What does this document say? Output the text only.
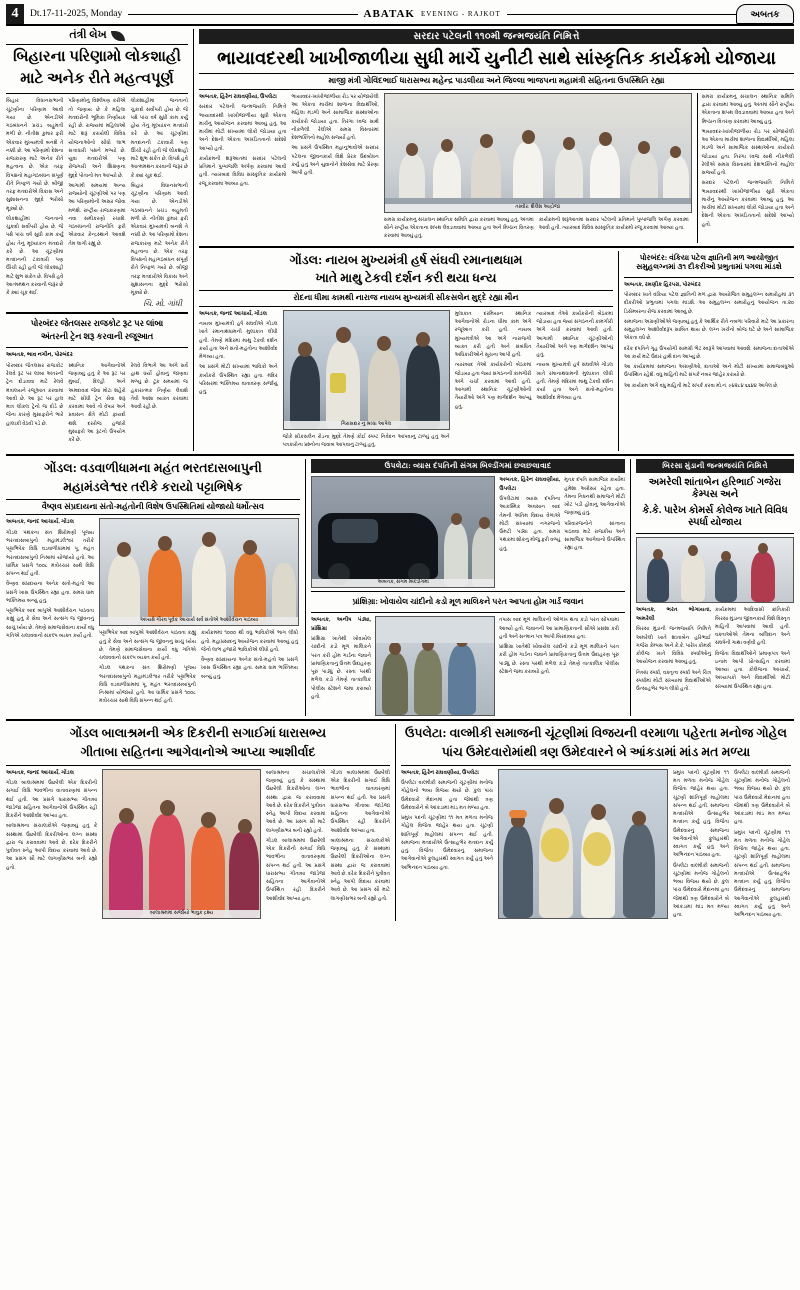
4	Dt.17-11-2025, Monday	ABATAK EVENING - RAJKOT	અબતક
તંત્રી લેખ
બિહારના પરિણામો લોકશાહી
માટે અનેક રીતે મહત્વપૂર્ણ

બિહાર વિધાનસભાની ચૂંટણીના પરિણામ આવી ગયા છે. એનડીએ ગઠબંધનને પ્રચંડ બહુમતી મળી છે. નીતીશ કુમાર ફરી એકવાર મુખ્યમંત્રી બનશે તે નક્કી છે. આ પરિણામો દેશના રાજકારણ માટે અનેક રીતે મહત્વના છે. એક તરફ વિપક્ષનો મહાગઠબંધન સંપૂર્ણ રીતે નિષ્ફળ ગયો છે. બીજી તરફ મતદારોએ વિકાસ અને સુશાસનના મુદ્દે ભરોસો મૂક્યો છે.

લોકશાહીમાં જનતાનો ચુકાદો સર્વોપરી હોય છે. જે પક્ષે પાંચ વર્ષ સુધી કામ કર્યું હોય તેનું મૂલ્યાંકન મતદારો કરે છે. આ ચૂંટણીમાં મતદાનની ટકાવારી પણ ઊંચી રહી હતી જે લોકશાહી માટે શુભ સંકેત છે. વિપક્ષે હવે આત્મમંથન કરવાની જરૂર છે કે ક્યાં ચૂક થઈ.

પરિણામોનું વિશ્લેષણ કરીએ તો જણાય છે કે મહિલા મતદારોની ભૂમિકા નિર્ણાયક રહી છે. રાજ્યમાં મહિલાઓ માટે શરૂ કરાયેલી વિવિધ યોજનાઓનો સીધો લાભ સત્તાધારી પક્ષને મળ્યો છે. યુવા મતદારોએ પણ રોજગારી અને શિક્ષણના મુદ્દે પોતાનો મત આપ્યો છે.

આગામી સમયમાં અન્ય રાજ્યોની ચૂંટણીઓ પર પણ આ પરિણામોની અસર જોવા મળશે. રાષ્ટ્રીય રાજકારણમાં નવા સમીકરણો રચાશે. ગઠબંધનની રાજનીતિ ફરી એકવાર કેન્દ્રસ્થાને આવશે તેમ લાગી રહ્યું છે.

લોકશાહીમાં જનતાનો ચુકાદો સર્વોપરી હોય છે. જે પક્ષે પાંચ વર્ષ સુધી કામ કર્યું હોય તેનું મૂલ્યાંકન મતદારો કરે છે. આ ચૂંટણીમાં મતદાનની ટકાવારી પણ ઊંચી રહી હતી જે લોકશાહી માટે શુભ સંકેત છે. વિપક્ષે હવે આત્મમંથન કરવાની જરૂર છે કે ક્યાં ચૂક થઈ.

બિહાર વિધાનસભાની ચૂંટણીના પરિણામ આવી ગયા છે. એનડીએ ગઠબંધનને પ્રચંડ બહુમતી મળી છે. નીતીશ કુમાર ફરી એકવાર મુખ્યમંત્રી બનશે તે નક્કી છે. આ પરિણામો દેશના રાજકારણ માટે અનેક રીતે મહત્વના છે. એક તરફ વિપક્ષનો મહાગઠબંધન સંપૂર્ણ રીતે નિષ્ફળ ગયો છે. બીજી તરફ મતદારોએ વિકાસ અને સુશાસનના મુદ્દે ભરોસો મૂક્યો છે.

ચિ. મો. ગાંધી
પોરબંદર જેતલસર રાજકોટ રૂટ પર લાંબા
અંતરની ટ્રેન શરૂ કરવાની રજૂઆત
અબતક, ભાવ નગીન, પોરબંદર

પોરબંદર જેતલસર રાજકોટ રેલવે રૂટ પર લાંબા અંતરની ટ્રેન દોડાવવા માટે રેલવે મંત્રાલયને રજૂઆત કરવામાં આવી છે. આ રૂટ પર હાલ માત્ર લોકલ ટ્રેનો જ દોડે છે જેના કારણે મુસાફરોને ભારે હાલાકી વેઠવી પડે છે.

સ્થાનિક આગેવાનોએ જણાવ્યું હતું કે આ રૂટ પર મુંબઈ, દિલ્હી અને અમદાવાદ જેવા મોટા શહેરો માટે સીધી ટ્રેન સેવા શરૂ કરવામાં આવે તો વેપાર અને પ્રવાસન ક્ષેત્રે મોટો ફાયદો થશે. દરરોજ હજારો મુસાફરો આ રૂટનો ઉપયોગ કરે છે.

રેલવે વિભાગે આ અંગે સર્વે હાથ ધર્યો હોવાનું જાણવા મળ્યું છે. ટૂંક સમયમાં જ હકારાત્મક નિર્ણય લેવાશે તેવી આશા વ્યક્ત કરવામાં આવી રહી છે.

સરદાર પટેલની ૧૧૦મી જન્મજયંતિ નિમિત્તે
ભાયાવદરથી ખાખીજાળીયા સુધી માર્ચે યુનીટી સાથે સાંસ્કૃતિક કાર્યક્રમો યોજાયા
માજી મંત્રી ગોવિંદભાઈ ધારાસભ્ય મહેન્દ્ર પાડલીયા અને જિલ્લા ભાજપના મહામંત્રી સહિતના ઉપસ્થિતિ રહ્યા
અબતક, હિરેન રાઘવણીયા, ઉપલેટા

સરદાર પટેલની જન્મજયંતિ નિમિત્તે ભાયાવદરથી ખાખીજાળીયા સુધી એકતા માર્ચનું આયોજન કરવામાં આવ્યું હતું. આ માર્ચમાં મોટી સંખ્યામાં લોકો જોડાયા હતા અને દેશની એકતા અખંડિતતાનો સંદેશો આપ્યો હતો.

કાર્યક્રમની શરૂઆતમાં સરદાર પટેલની પ્રતિમાને પુષ્પાંજલિ અર્પણ કરવામાં આવી હતી. ત્યારબાદ વિવિધ સાંસ્કૃતિક કાર્યક્રમો રજૂ કરવામાં આવ્યા હતા.

ભાયાવદર-ખાખીજાળીયા રોડ પર યોજાયેલી આ એકતા માર્ચમાં શાળાના વિદ્યાર્થીઓ, મહિલા મંડળો અને સામાજિક સંસ્થાઓના કાર્યકરો જોડાયા હતા. તિરંગા ધ્વજ સાથે નીકળેલી રેલીએ સમગ્ર વિસ્તારમાં દેશભક્તિનો માહોલ સર્જ્યો હતો.

આ પ્રસંગે ઉપસ્થિત મહાનુભાવોએ સરદાર પટેલના જીવનકાર્ય વિશે પ્રેરક ઉદબોધન કર્યું હતું અને યુવાનોને દેશસેવા માટે પ્રેરણા આપી હતી.

તસ્વીર: શૈલેશ આદ્રોજા

સમગ્ર કાર્યક્રમનું સંચાલન સ્થાનિક સમિતિ દ્વારા કરવામાં આવ્યું હતું. અંતમાં સૌને રાષ્ટ્રીય એકતાના શપથ લેવડાવવામાં આવ્યા હતા અને મિષ્ઠાન વિતરણ કરવામાં આવ્યું હતું.

કાર્યક્રમની શરૂઆતમાં સરદાર પટેલની પ્રતિમાને પુષ્પાંજલિ અર્પણ કરવામાં આવી હતી. ત્યારબાદ વિવિધ સાંસ્કૃતિક કાર્યક્રમો રજૂ કરવામાં આવ્યા હતા.

સમગ્ર કાર્યક્રમનું સંચાલન સ્થાનિક સમિતિ દ્વારા કરવામાં આવ્યું હતું. અંતમાં સૌને રાષ્ટ્રીય એકતાના શપથ લેવડાવવામાં આવ્યા હતા અને મિષ્ઠાન વિતરણ કરવામાં આવ્યું હતું.

ભાયાવદર-ખાખીજાળીયા રોડ પર યોજાયેલી આ એકતા માર્ચમાં શાળાના વિદ્યાર્થીઓ, મહિલા મંડળો અને સામાજિક સંસ્થાઓના કાર્યકરો જોડાયા હતા. તિરંગા ધ્વજ સાથે નીકળેલી રેલીએ સમગ્ર વિસ્તારમાં દેશભક્તિનો માહોલ સર્જ્યો હતો.

સરદાર પટેલની જન્મજયંતિ નિમિત્તે ભાયાવદરથી ખાખીજાળીયા સુધી એકતા માર્ચનું આયોજન કરવામાં આવ્યું હતું. આ માર્ચમાં મોટી સંખ્યામાં લોકો જોડાયા હતા અને દેશની એકતા અખંડિતતાનો સંદેશો આપ્યો હતો.

ગોંડલ: નાયબ મુખ્યમંત્રી હર્ષ સંઘવી રમાનાથધામ
ખાતે માથુ ટેકવી દર્શન કરી થયા ધન્ય
રોદના ધીમા કામથી નારાજ નાયબ મુખ્યમંત્રી સીકસલેન મુદ્દે રહ્યા મૌન
અબતક, જનદ આચાર્ય, ગોંડલ

નાયબ મુખ્યમંત્રી હર્ષ સંઘવીએ ગોંડલ ખાતે રમાનાથધામની મુલાકાત લીધી હતી. તેમણે મંદિરમાં માથુ ટેકવી દર્શન કર્યા હતા અને સંતો-મહંતોના આશીર્વાદ મેળવ્યા હતા.

આ પ્રસંગે મોટી સંખ્યામાં ભાવિકો અને કાર્યકરો ઉપસ્થિત રહ્યા હતા. મંદિર પરિસરમાં ભક્તિમય વાતાવરણ સર્જાયું હતું.

ગિરાસદાર નું શ્રધ્ધા આપેલ

જોકે સીકસલેન રોડના મુદ્દે તેમણે કોઈ સ્પષ્ટ નિવેદન આપવાનું ટાળ્યું હતું અને પત્રકારોના પ્રશ્નોના જવાબ આપવાનું ટાળ્યું હતું.

મુલાકાત દરમિયાન સ્થાનિક આગેવાનોએ રોડના ધીમા કામ અંગે રજૂઆત કરી હતી. નાયબ મુખ્યમંત્રીએ આ અંગે નારાજગી વ્યક્ત કરી હતી અને સંબંધિત અધિકારીઓને સૂચના આપી હતી.

ત્યારબાદ તેઓ કાર્યકરોની બેઠકમાં જોડાયા હતા જ્યાં સંગઠનની કામગીરી અંગે ચર્ચા કરવામાં આવી હતી. આગામી સ્થાનિક ચૂંટણીઓની તૈયારીઓ અંગે પણ માર્ગદર્શન આપ્યું હતું.

ત્યારબાદ તેઓ કાર્યકરોની બેઠકમાં જોડાયા હતા જ્યાં સંગઠનની કામગીરી અંગે ચર્ચા કરવામાં આવી હતી. આગામી સ્થાનિક ચૂંટણીઓની તૈયારીઓ અંગે પણ માર્ગદર્શન આપ્યું હતું.

નાયબ મુખ્યમંત્રી હર્ષ સંઘવીએ ગોંડલ ખાતે રમાનાથધામની મુલાકાત લીધી હતી. તેમણે મંદિરમાં માથુ ટેકવી દર્શન કર્યા હતા અને સંતો-મહંતોના આશીર્વાદ મેળવ્યા હતા.

પોરબંદર: વંકિયા પટેલ જ્ઞાતિની મળ આયોજીત સમુહલગ્નમાં ૩૧ દીકરીઓ પ્રભુતામાં પગલા માંડશે
અબતક, રમણીક હિરપરા, પોરબંદર

પોરબંદર ખાતે વંકિયા પટેલ જ્ઞાતિની મળ દ્વારા આયોજિત સમુહલગ્ન સમારોહમાં ૩૧ દીકરીઓ પ્રભુતામાં પગલા માંડશે. આ સમુહલગ્ન સમારોહનું આયોજન તા.૨૦ ડિસેમ્બરના રોજ કરવામાં આવ્યું છે.

સમાજના અગ્રણીઓએ જણાવ્યું હતું કે આર્થિક રીતે નબળા પરિવારો માટે આ પ્રકારના સમુહલગ્ન આશીર્વાદરૂપ સાબિત થાય છે. લગ્ન ખર્ચનો બોજ ઘટે છે અને સામાજિક એકતા વધે છે.

દરેક દંપતિને ગૃહ ઉપયોગી સામગ્રી ભેટ સ્વરૂપે આપવામાં આવશે. સમાજના દાતાઓએ આ કાર્ય માટે ઉદાર હાથે દાન આપ્યું છે.

આ કાર્યક્રમમાં સમાજના અગ્રણીઓ, દાતાઓ અને મોટી સંખ્યામાં સમાજબંધુઓ ઉપસ્થિત રહેશે. વધુ માહિતી માટે સંપર્ક નંબર જાહેર કરાયો છે.

આ કાર્યક્રમ અંગે વધુ માહિતી માટે સંપર્ક કરવા મો.નં. ૯૪૨૮૪ ૬૬૪૪ આપેલ છે.

ગોંડલ: વડવાળીધામના મહંત ભરતદાસબાપુની
મહામંડલેશ્વર તરીકે કરાયો પટ્ટાભિષેક
વૈષ્ણવ સંપ્રદાયના સંતો-મહંતોની વિશેષ ઉપસ્થિતિમાં યોજાયો ધર્મોત્સવ
અબતક, જનદ આચાર્ય, ગોંડલ

ગોંડલ પંથકના સંત શિરોમણી પૂજ્ય ભરતદાસબાપુનો મહામંડલેશ્વર તરીકે પટ્ટાભિષેક વિધિ વડવાળીધામમાં પૂ. મહંત ભરતદાસબાપુની નિશ્રામાં યોજાયો હતો. આ ધાર્મિક પ્રસંગે ૧૦૦૮ મંત્રોચ્ચાર સાથે વિધિ સંપન્ન થઈ હતી.

વૈષ્ણવ સંપ્રદાયના અનેક સંતો-મહંતો આ પ્રસંગે ખાસ ઉપસ્થિત રહ્યા હતા. સમગ્ર ધામ ભક્તિમય બન્યું હતું.

પટ્ટાભિષેક બાદ બાપુએ આશીર્વચન પાઠવતા કહ્યું હતું કે સેવા અને સત્સંગ જ જીવનનું સાચું ધ્યેય છે. તેમણે સમાજસેવાના કાર્યો વધુ ગતિએ ચલાવવાનો સંકલ્પ વ્યક્ત કર્યો હતો.

અધ્યક્ષે ગૌરવ પૂર્વક આચાર્ય સર્વે સંતોએ આશીર્વચન પાઠવ્યા

પટ્ટાભિષેક બાદ બાપુએ આશીર્વચન પાઠવતા કહ્યું હતું કે સેવા અને સત્સંગ જ જીવનનું સાચું ધ્યેય છે. તેમણે સમાજસેવાના કાર્યો વધુ ગતિએ ચલાવવાનો સંકલ્પ વ્યક્ત કર્યો હતો.

ગોંડલ પંથકના સંત શિરોમણી પૂજ્ય ભરતદાસબાપુનો મહામંડલેશ્વર તરીકે પટ્ટાભિષેક વિધિ વડવાળીધામમાં પૂ. મહંત ભરતદાસબાપુની નિશ્રામાં યોજાયો હતો. આ ધાર્મિક પ્રસંગે ૧૦૦૮ મંત્રોચ્ચાર સાથે વિધિ સંપન્ન થઈ હતી.

કાર્યક્રમમાં ૧૦૦૦ થી વધુ ભાવિકોએ ભાગ લીધો હતો. મહાપ્રસાદનું આયોજન કરવામાં આવ્યું હતું જેનો લાભ હજારો ભાવિકોએ લીધો હતો.

વૈષ્ણવ સંપ્રદાયના અનેક સંતો-મહંતો આ પ્રસંગે ખાસ ઉપસ્થિત રહ્યા હતા. સમગ્ર ધામ ભક્તિમય બન્યું હતું.

ઉપલેટા: વ્યાસ દંપતિની સંગમ બિલ્ડીંગમાં છલછલાવાદ
અબતક, સંગમ બિલ્ડીંગમાં
અબતક, હિરેન રાઘવણીયા, ઉપલેટા

ઉપલેટામાં વ્યાસ દંપતિના આકસ્મિક અવસાન બાદ તેમની અંતિમ વિદાય વેળાએ મોટી સંખ્યામાં નગરજનો ઉમટી પડ્યા હતા. સમગ્ર પંથકમાં શોકનું મોજું ફરી વળ્યું હતું.

મૃતક દંપતિ સામાજિક કાર્યોમાં હંમેશા અગ્રેસર રહેતા હતા. તેમના નિધનથી સમાજને મોટી ખોટ પડી હોવાનું આગેવાનોએ જણાવ્યું હતું.

પરિવારજનોને સાંત્વના પાઠવવા માટે રાજકીય અને સામાજિક આગેવાનો ઉપસ્થિત રહ્યા હતા.

પ્રાંશિગ્રા: ખોવાયેલ ચાંદીનો કડો મૂળ માલિકને પરત આપતા હોમ ગાર્ડ જવાન
અબતક, અનીષ પંડ્યા, પ્રાંશિગ્રા

પ્રાંશિગ્રા ખાતેથી ખોવાયેલ ચાંદીનો કડો મૂળ માલિકને પરત કરી હોમ ગાર્ડના જવાને પ્રામાણિકતાનું ઉત્તમ ઉદાહરણ પૂરું પાડ્યું છે. રસ્તા પરથી મળેલ કડો તેમણે તાત્કાલિક પોલીસ સ્ટેશને જમા કરાવ્યો હતો.

તપાસ બાદ મૂળ માલિકની ઓળખ થતા કડો પરત સોંપવામાં આવ્યો હતો. જવાનની આ પ્રામાણિકતાની સૌએ પ્રસંશા કરી હતી અને સન્માન પત્ર આપી બિરદાવ્યા હતા.

પ્રાંશિગ્રા ખાતેથી ખોવાયેલ ચાંદીનો કડો મૂળ માલિકને પરત કરી હોમ ગાર્ડના જવાને પ્રામાણિકતાનું ઉત્તમ ઉદાહરણ પૂરું પાડ્યું છે. રસ્તા પરથી મળેલ કડો તેમણે તાત્કાલિક પોલીસ સ્ટેશને જમા કરાવ્યો હતો.

બિરસા મુંડાની જન્મજયંતિ નિમિત્તે
અમરેલી શાંતાબેન હરિભાઈ ગજેરા કેમ્પસ અને
કે.કે. પારેખ કોમર્સ કોલેજ ખાતે વિવિધ સ્પર્ધા યોજાય
અબતક, ભરત ભોગાયતા, અમરેલી

બિરસા મુંડાની જન્મજયંતિ નિમિત્તે અમરેલી ખાતે શાંતાબેન હરિભાઈ ગજેરા કેમ્પસ અને કે.કે. પારેખ કોમર્સ કોલેજ ખાતે વિવિધ સ્પર્ધાઓનું આયોજન કરવામાં આવ્યું હતું.

નિબંધ સ્પર્ધા, વક્તૃત્વ સ્પર્ધા અને ચિત્ર સ્પર્ધામાં મોટી સંખ્યામાં વિદ્યાર્થીઓએ ઉત્સાહભેર ભાગ લીધો હતો.

કાર્યક્રમમાં આદિવાસી ક્રાંતિકારી બિરસા મુંડાના જીવનકાર્ય વિશે વિસ્તૃત માહિતી આપવામાં આવી હતી. વક્તાઓએ તેમના બલિદાન અને સંઘર્ષની ગાથા વર્ણવી હતી.

વિજેતા વિદ્યાર્થીઓને પ્રમાણપત્ર અને ઇનામ આપી પ્રોત્સાહિત કરવામાં આવ્યા હતા. કોલેજના આચાર્ય, અધ્યાપકો અને વિદ્યાર્થીઓ મોટી સંખ્યામાં ઉપસ્થિત રહ્યા હતા.

ગોંડલ બાલાશ્રમની એક દિકરીની સગાઈમાં ધારાસભ્ય
ગીતાબા સહિતના આગેવાનોએ આપ્યા આશીર્વાદ
અબતક, જનદ આચાર્ય, ગોંડલ

ગોંડલ બાલાશ્રમમાં ઉછરેલી એક દિકરીની સગાઈ વિધિ ભાવભીના વાતાવરણમાં સંપન્ન થઈ હતી. આ પ્રસંગે ધારાસભ્ય ગીતાબા જાડેજા સહિતના આગેવાનોએ ઉપસ્થિત રહી દિકરીને આશીર્વાદ આપ્યા હતા.

બાલાશ્રમના સંચાલકોએ જણાવ્યું હતું કે સંસ્થામાં ઉછરેલી દિકરીઓના લગ્ન સંસ્થા દ્વારા જ કરાવવામાં આવે છે. દરેક દિકરીને પુત્રીવત સ્નેહ આપી વિદાય કરવામાં આવે છે. આ પ્રસંગ સૌ માટે લાગણીસભર બની રહ્યો હતો.

બાલાશ્રમમાં સર્જાયો ભાવુક દ્રશ્ય

બાલાશ્રમના સંચાલકોએ જણાવ્યું હતું કે સંસ્થામાં ઉછરેલી દિકરીઓના લગ્ન સંસ્થા દ્વારા જ કરાવવામાં આવે છે. દરેક દિકરીને પુત્રીવત સ્નેહ આપી વિદાય કરવામાં આવે છે. આ પ્રસંગ સૌ માટે લાગણીસભર બની રહ્યો હતો.

ગોંડલ બાલાશ્રમમાં ઉછરેલી એક દિકરીની સગાઈ વિધિ ભાવભીના વાતાવરણમાં સંપન્ન થઈ હતી. આ પ્રસંગે ધારાસભ્ય ગીતાબા જાડેજા સહિતના આગેવાનોએ ઉપસ્થિત રહી દિકરીને આશીર્વાદ આપ્યા હતા.

ગોંડલ બાલાશ્રમમાં ઉછરેલી એક દિકરીની સગાઈ વિધિ ભાવભીના વાતાવરણમાં સંપન્ન થઈ હતી. આ પ્રસંગે ધારાસભ્ય ગીતાબા જાડેજા સહિતના આગેવાનોએ ઉપસ્થિત રહી દિકરીને આશીર્વાદ આપ્યા હતા.

બાલાશ્રમના સંચાલકોએ જણાવ્યું હતું કે સંસ્થામાં ઉછરેલી દિકરીઓના લગ્ન સંસ્થા દ્વારા જ કરાવવામાં આવે છે. દરેક દિકરીને પુત્રીવત સ્નેહ આપી વિદાય કરવામાં આવે છે. આ પ્રસંગ સૌ માટે લાગણીસભર બની રહ્યો હતો.

ઉપલેટા: વાલ્મીકી સમાજની ચૂંટણીમાં વિજયની વરમાળા પહેરતા મનોજ ગોહેલ
પાંચ ઉમેદવારોમાંથી ત્રણ ઉમેદવારને બે આંકડામાં માંડ મત મળ્યા
અબતક, હિરેન રાઘવણીયા, ઉપલેટા

ઉપલેટા વાલ્મીકી સમાજની ચૂંટણીમાં મનોજ ગોહેલનો ભવ્ય વિજય થયો છે. કુલ પાંચ ઉમેદવારો મેદાનમાં હતા જેમાંથી ત્રણ ઉમેદવારોને બે આંકડામાં માંડ મત મળ્યા હતા.

પ્રમુખ પદની ચૂંટણીમાં ૧૧ મત મળતા મનોજ ગોહેલ વિજેતા જાહેર થયા હતા. ચૂંટણી શાંતિપૂર્ણ માહોલમાં સંપન્ન થઈ હતી. સમાજના મતદારોએ ઉત્સાહભેર મતદાન કર્યું હતું. વિજેતા ઉમેદવારનું સમાજના આગેવાનોએ ફુલહારથી સ્વાગત કર્યું હતું અને અભિનંદન પાઠવ્યા હતા.

પ્રમુખ પદની ચૂંટણીમાં ૧૧ મત મળતા મનોજ ગોહેલ વિજેતા જાહેર થયા હતા. ચૂંટણી શાંતિપૂર્ણ માહોલમાં સંપન્ન થઈ હતી. સમાજના મતદારોએ ઉત્સાહભેર મતદાન કર્યું હતું. વિજેતા ઉમેદવારનું સમાજના આગેવાનોએ ફુલહારથી સ્વાગત કર્યું હતું અને અભિનંદન પાઠવ્યા હતા.

ઉપલેટા વાલ્મીકી સમાજની ચૂંટણીમાં મનોજ ગોહેલનો ભવ્ય વિજય થયો છે. કુલ પાંચ ઉમેદવારો મેદાનમાં હતા જેમાંથી ત્રણ ઉમેદવારોને બે આંકડામાં માંડ મત મળ્યા હતા.

ઉપલેટા વાલ્મીકી સમાજની ચૂંટણીમાં મનોજ ગોહેલનો ભવ્ય વિજય થયો છે. કુલ પાંચ ઉમેદવારો મેદાનમાં હતા જેમાંથી ત્રણ ઉમેદવારોને બે આંકડામાં માંડ મત મળ્યા હતા.

પ્રમુખ પદની ચૂંટણીમાં ૧૧ મત મળતા મનોજ ગોહેલ વિજેતા જાહેર થયા હતા. ચૂંટણી શાંતિપૂર્ણ માહોલમાં સંપન્ન થઈ હતી. સમાજના મતદારોએ ઉત્સાહભેર મતદાન કર્યું હતું. વિજેતા ઉમેદવારનું સમાજના આગેવાનોએ ફુલહારથી સ્વાગત કર્યું હતું અને અભિનંદન પાઠવ્યા હતા.
